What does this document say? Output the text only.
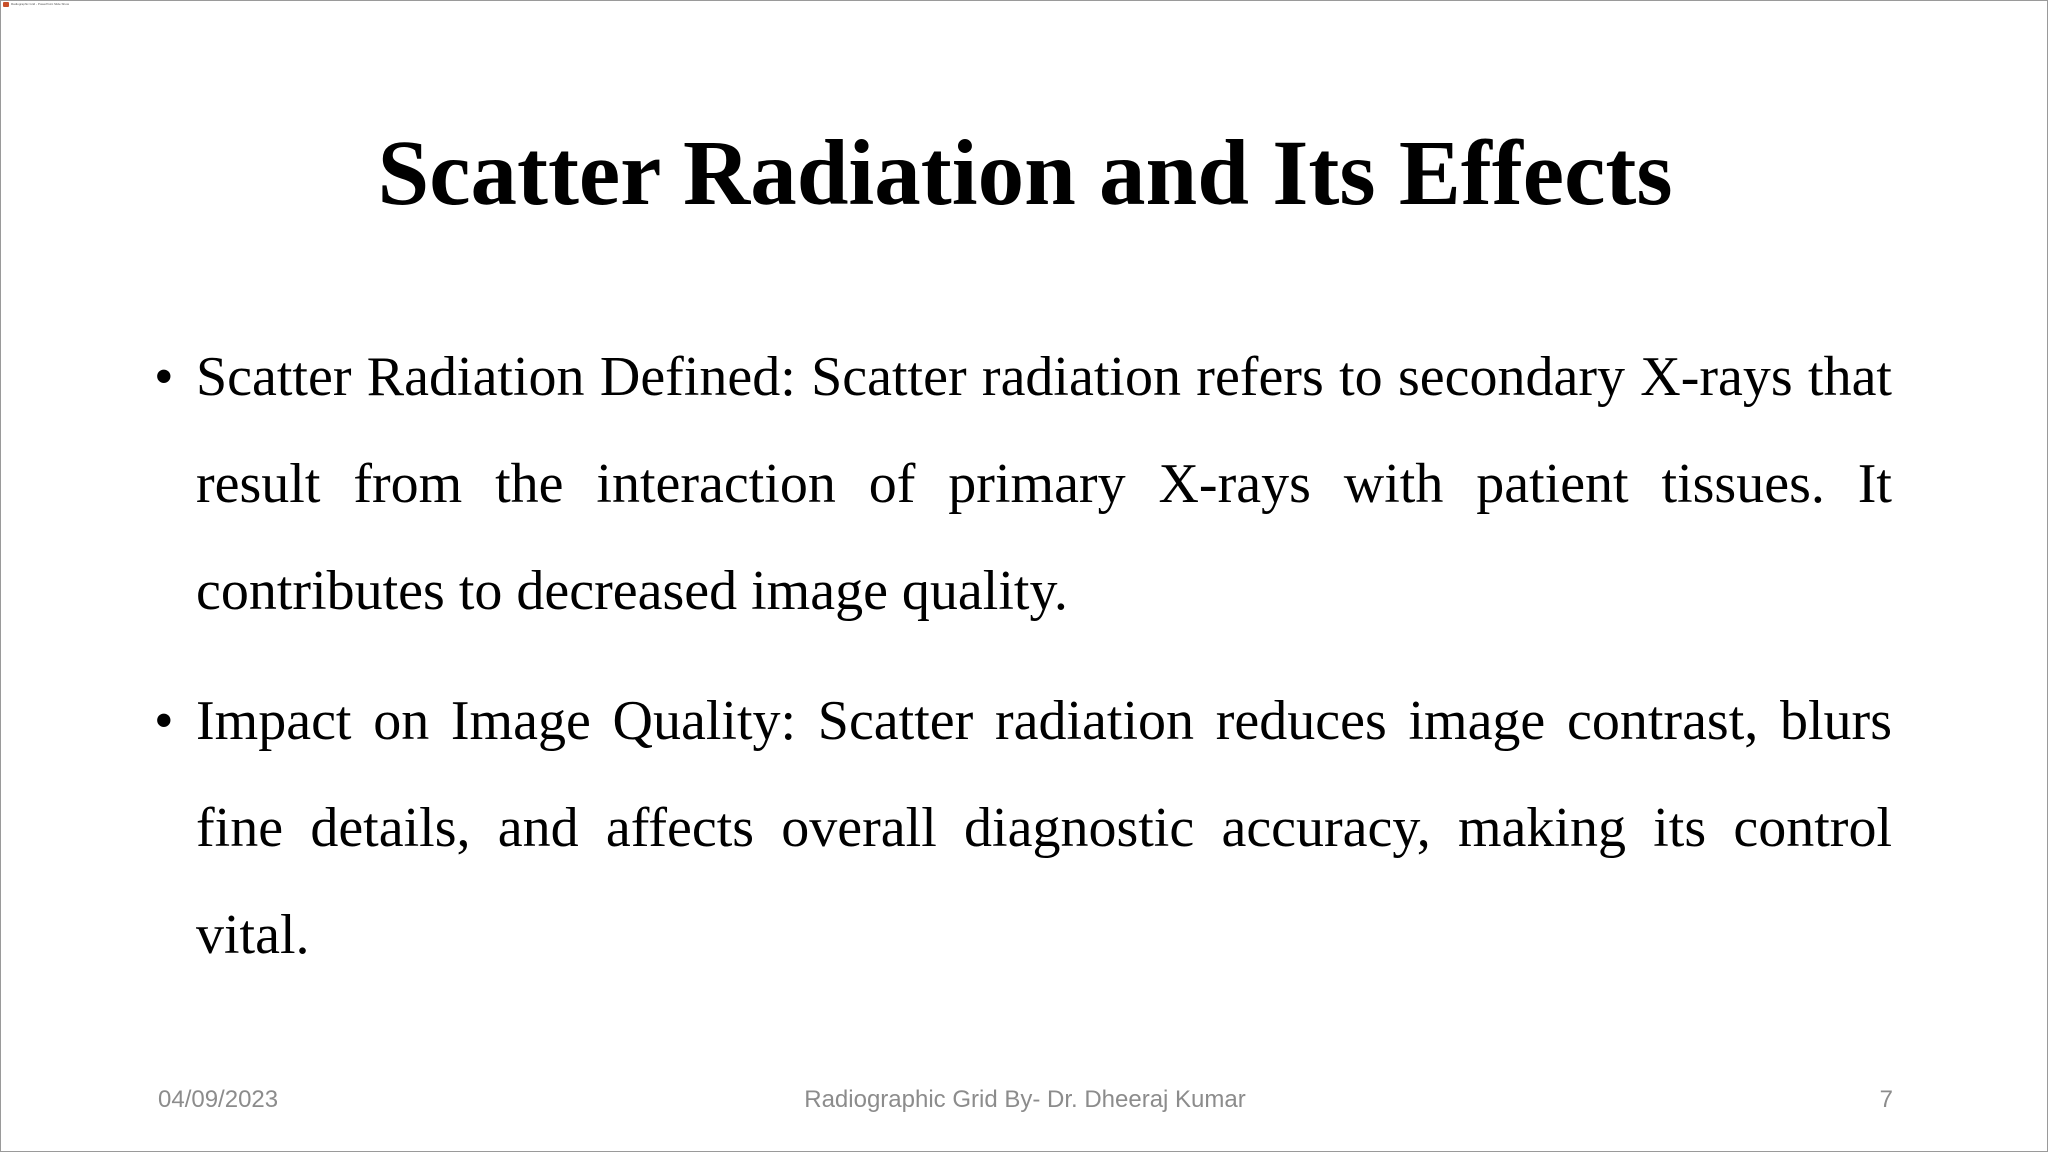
Radiographic Grid - PowerPoint Slide Show
Scatter Radiation and Its Effects
• Scatter Radiation Defined: Scatter radiation refers to secondary X-rays that result from the interaction of primary X-rays with patient tissues. It contributes to decreased image quality.
• Impact on Image Quality: Scatter radiation reduces image contrast, blurs fine details, and affects overall diagnostic accuracy, making its control vital.
04/09/2023	Radiographic Grid By- Dr. Dheeraj Kumar	7
